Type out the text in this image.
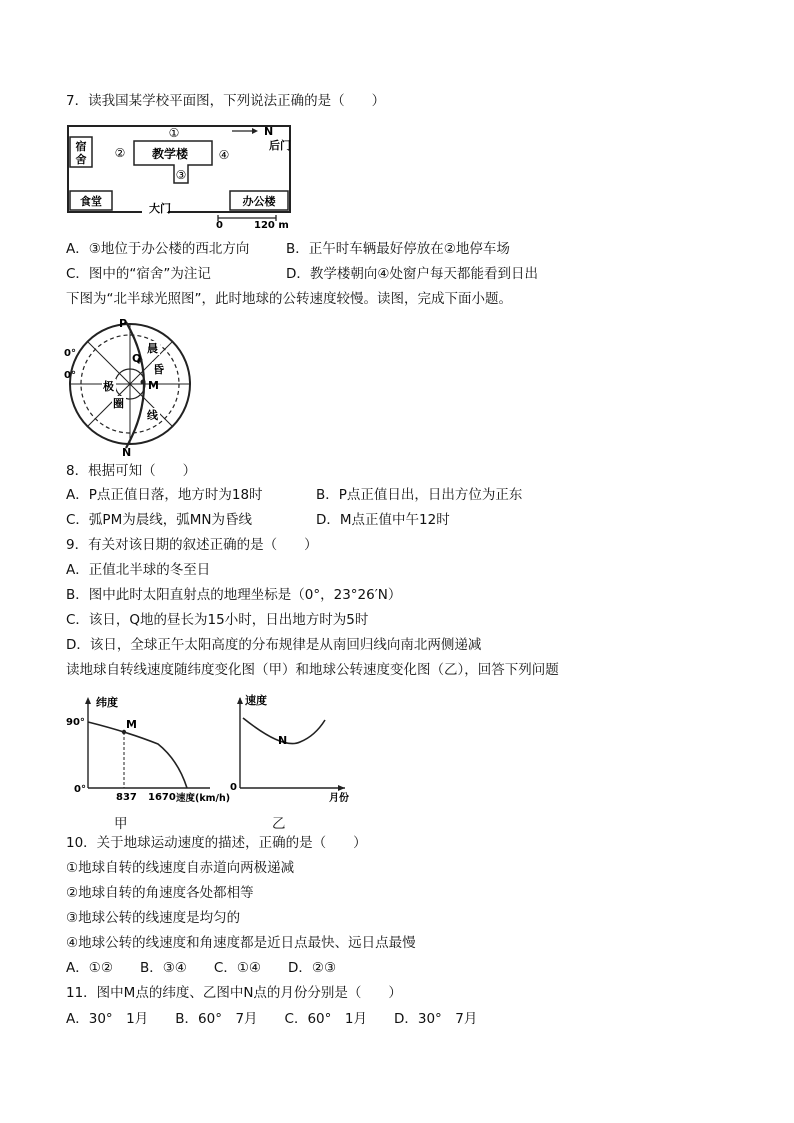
7．读我国某学校平面图，下列说法正确的是（　　）
宿
舍	教学楼
①
②
③
④
N
后门
食堂	办公楼
大门
0	120 m
A．③地位于办公楼的西北方向	B．正午时车辆最好停放在②地停车场
C．图中的“宿舍”为注记	D．教学楼朝向④处窗户每天都能看到日出
下图为“北半球光照图”，此时地球的公转速度较慢。读图，完成下面小题。
P
Q
M
N
0°
0°
晨
昏
线
极
圈
8．根据可知（　　）
A．P点正值日落，地方时为18时	B．P点正值日出，日出方位为正东
C．弧PM为晨线，弧MN为昏线	D．M点正值中午12时
9．有关对该日期的叙述正确的是（　　）
A．正值北半球的冬至日
B．图中此时太阳直射点的地理坐标是（0°，23°26′N）
C．该日，Q地的昼长为15小时，日出地方时为5时
D．该日，全球正午太阳高度的分布规律是从南回归线向南北两侧递减
读地球自转线速度随纬度变化图（甲）和地球公转速度变化图（乙），回答下列问题
纬度
90°
0°
M
837 1670 速度(km/h)
甲
速度
0
N
月份
乙
10．关于地球运动速度的描述，正确的是（　　）
①地球自转的线速度自赤道向两极递减
②地球自转的角速度各处都相等
③地球公转的线速度是均匀的
④地球公转的线速度和角速度都是近日点最快、远日点最慢
A．①②　　B．③④　　C．①④　　D．②③
11．图中M点的纬度、乙图中N点的月份分别是（　　）
A．30°　1月　　B．60°　7月　　C．60°　1月　　D．30°　7月
